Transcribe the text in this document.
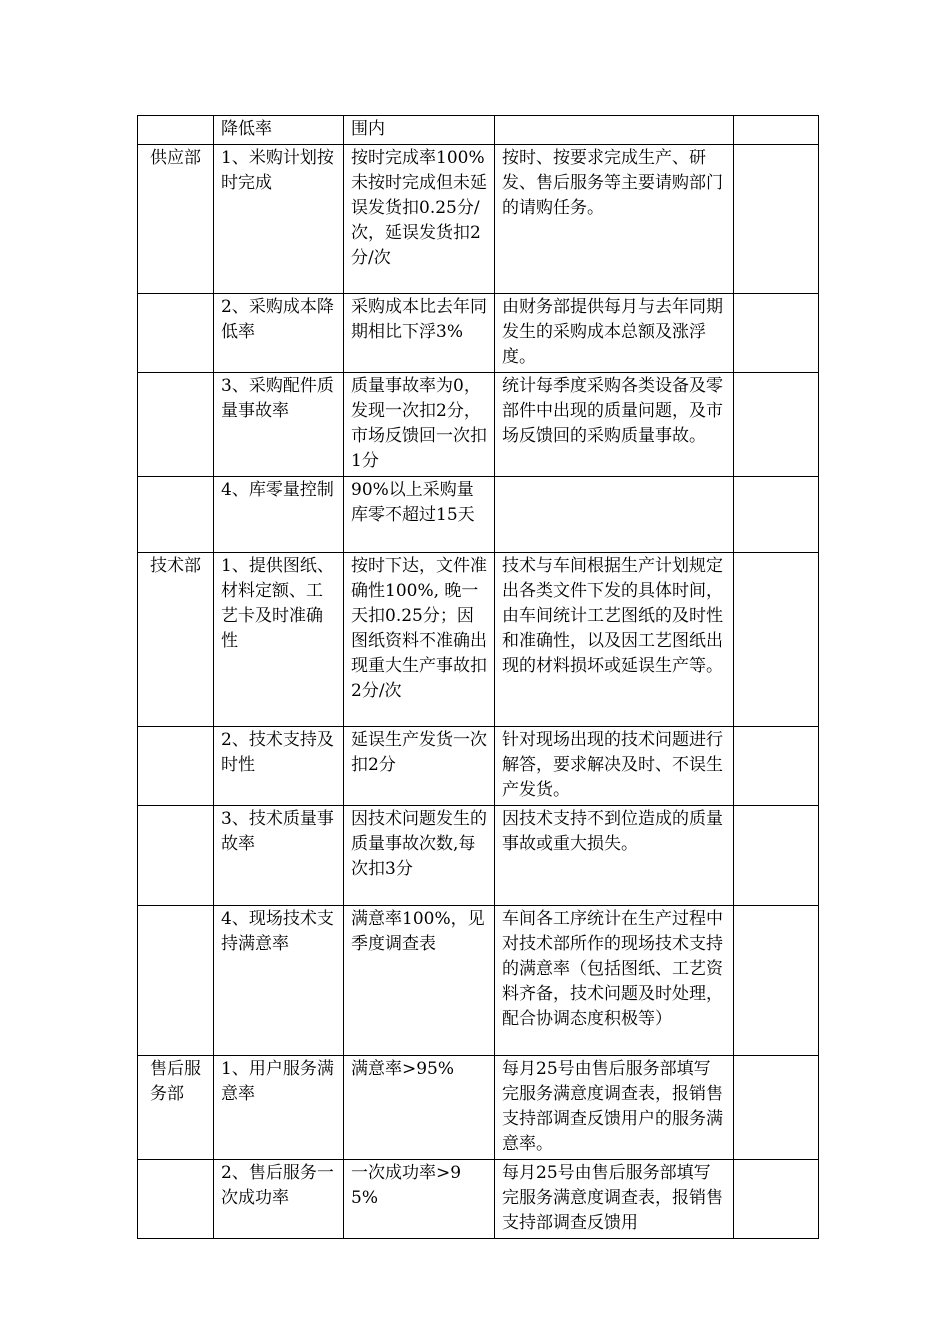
	降低率	围内		
供应部	1、米购计划按时完成	按时完成率100%未按时完成但未延误发货扣0.25分/次，延误发货扣2分/次	按时、按要求完成生产、研发、售后服务等主要请购部门的请购任务。	
	2、采购成本降低率	采购成本比去年同期相比下浮3%	由财务部提供每月与去年同期发生的采购成本总额及涨浮度。	
	3、采购配件质量事故率	质量事故率为0，发现一次扣2分，市场反馈回一次扣1分	统计每季度采购各类设备及零部件中出现的质量问题，及市场反馈回的采购质量事故。	
	4、库零量控制	90%以上采购量库零不超过15天		
技术部	1、提供图纸、材料定额、工艺卡及时准确性	按时下达，文件准确性100%, 晚一天扣0.25分；因图纸资料不准确出现重大生产事故扣2分/次	技术与车间根据生产计划规定出各类文件下发的具体时间，由车间统计工艺图纸的及时性和准确性，以及因工艺图纸出现的材料损坏或延误生产等。	
	2、技术支持及时性	延误生产发货一次扣2分	针对现场出现的技术问题进行解答，要求解决及时、不误生产发货。	
	3、技术质量事故率	因技术问题发生的质量事故次数,每次扣3分	因技术支持不到位造成的质量事故或重大损失。	
	4、现场技术支持满意率	满意率100%，见季度调查表	车间各工序统计在生产过程中对技术部所作的现场技术支持的满意率（包括图纸、工艺资料齐备，技术问题及时处理，配合协调态度积极等）	
售后服务部	1、用户服务满意率	满意率>95%	每月25号由售后服务部填写完服务满意度调查表，报销售支持部调查反馈用户的服务满意率。	
	2、售后服务一次成功率	一次成功率>95%	每月25号由售后服务部填写完服务满意度调查表，报销售支持部调查反馈用	
